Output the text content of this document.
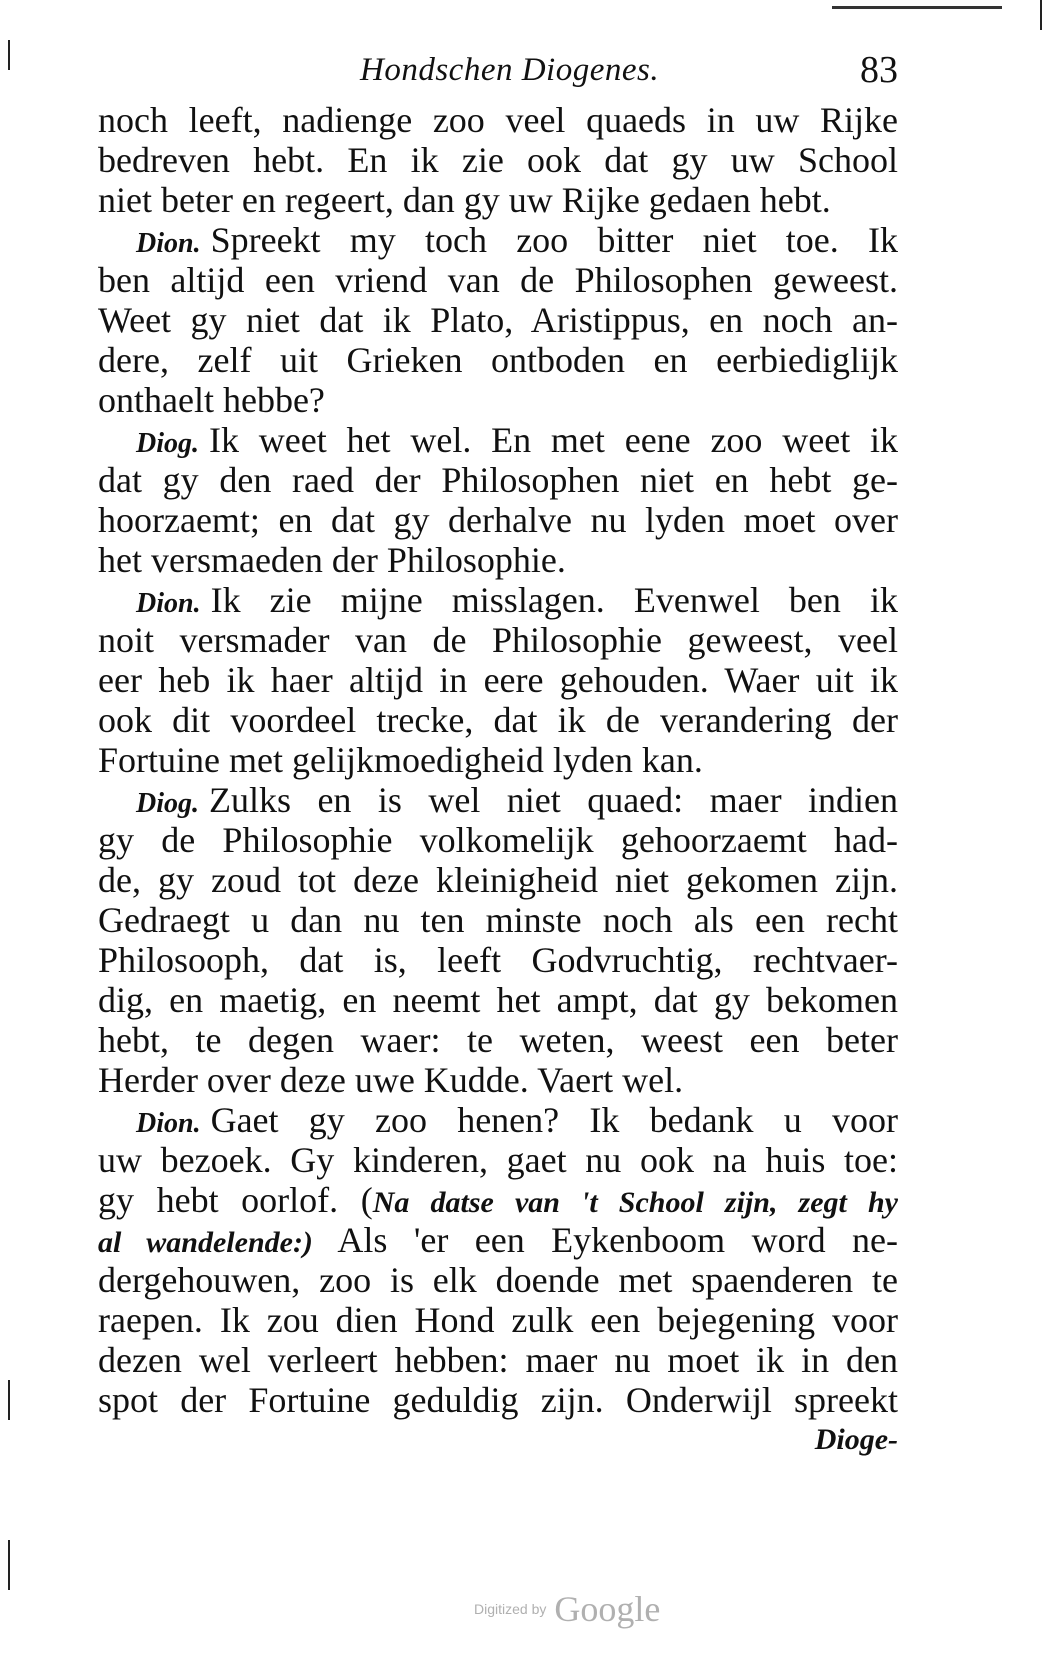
Hondschen Diogenes.	83
noch leeft, nadienge zoo veel quaeds in uw Rijke
bedreven hebt. En ik zie ook dat gy uw School
niet beter en regeert, dan gy uw Rijke gedaen hebt.
Dion. Spreekt my toch zoo bitter niet toe. Ik
ben altijd een vriend van de Philosophen geweest.
Weet gy niet dat ik Plato, Aristippus, en noch an-
dere, zelf uit Grieken ontboden en eerbiediglijk
onthaelt hebbe?
Diog. Ik weet het wel. En met eene zoo weet ik
dat gy den raed der Philosophen niet en hebt ge-
hoorzaemt; en dat gy derhalve nu lyden moet over
het versmaeden der Philosophie.
Dion. Ik zie mijne misslagen. Evenwel ben ik
noit versmader van de Philosophie geweest, veel
eer heb ik haer altijd in eere gehouden. Waer uit ik
ook dit voordeel trecke, dat ik de verandering der
Fortuine met gelijkmoedigheid lyden kan.
Diog. Zulks en is wel niet quaed: maer indien
gy de Philosophie volkomelijk gehoorzaemt had-
de, gy zoud tot deze kleinigheid niet gekomen zijn.
Gedraegt u dan nu ten minste noch als een recht
Philosooph, dat is, leeft Godvruchtig, rechtvaer-
dig, en maetig, en neemt het ampt, dat gy bekomen
hebt, te degen waer: te weten, weest een beter
Herder over deze uwe Kudde. Vaert wel.
Dion. Gaet gy zoo henen? Ik bedank u voor
uw bezoek. Gy kinderen, gaet nu ook na huis toe:
gy hebt oorlof. (Na datse van 't School zijn, zegt hy
al wandelende:) Als 'er een Eykenboom word ne-
dergehouwen, zoo is elk doende met spaenderen te
raepen. Ik zou dien Hond zulk een bejegening voor
dezen wel verleert hebben: maer nu moet ik in den
spot der Fortuine geduldig zijn. Onderwijl spreekt
Dioge-
Digitized by Google
